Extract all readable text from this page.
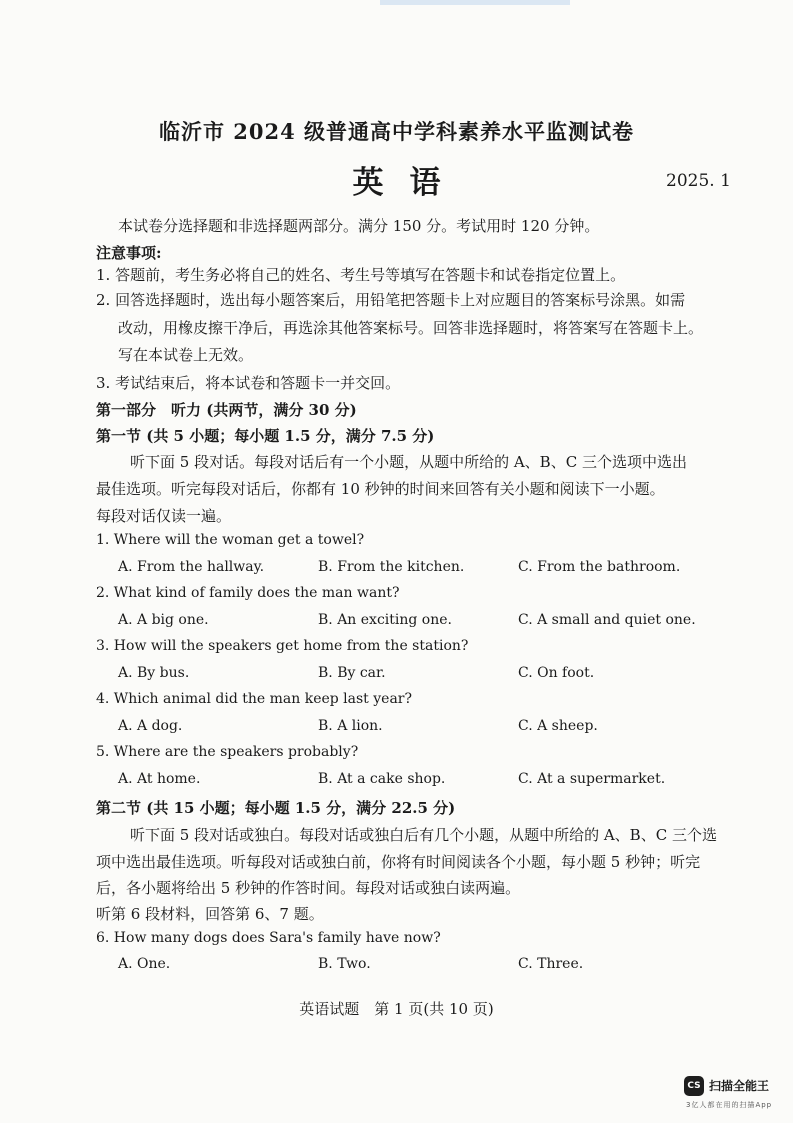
临沂市 2024 级普通高中学科素养水平监测试卷
英语	2025. 1
本试卷分选择题和非选择题两部分。满分 150 分。考试用时 120 分钟。
注意事项:
1. 答题前，考生务必将自己的姓名、考生号等填写在答题卡和试卷指定位置上。
2. 回答选择题时，选出每小题答案后，用铅笔把答题卡上对应题目的答案标号涂黑。如需
改动，用橡皮擦干净后，再选涂其他答案标号。回答非选择题时，将答案写在答题卡上。
写在本试卷上无效。
3. 考试结束后，将本试卷和答题卡一并交回。
第一部分　听力 (共两节，满分 30 分)
第一节 (共 5 小题；每小题 1.5 分，满分 7.5 分)
听下面 5 段对话。每段对话后有一个小题，从题中所给的 A、B、C 三个选项中选出
最佳选项。听完每段对话后，你都有 10 秒钟的时间来回答有关小题和阅读下一小题。
每段对话仅读一遍。
1. Where will the woman get a towel?
A. From the hallway.	B. From the kitchen.	C. From the bathroom.
2. What kind of family does the man want?
A. A big one.	B. An exciting one.	C. A small and quiet one.
3. How will the speakers get home from the station?
A. By bus.	B. By car.	C. On foot.
4. Which animal did the man keep last year?
A. A dog.	B. A lion.	C. A sheep.
5. Where are the speakers probably?
A. At home.	B. At a cake shop.	C. At a supermarket.
第二节 (共 15 小题；每小题 1.5 分，满分 22.5 分)
听下面 5 段对话或独白。每段对话或独白后有几个小题，从题中所给的 A、B、C 三个选
项中选出最佳选项。听每段对话或独白前，你将有时间阅读各个小题，每小题 5 秒钟；听完
后，各小题将给出 5 秒钟的作答时间。每段对话或独白读两遍。
听第 6 段材料，回答第 6、7 题。
6. How many dogs does Sara's family have now?
A. One.	B. Two.	C. Three.
英语试题　第 1 页(共 10 页)
CS 扫描全能王
3亿人都在用的扫描App
